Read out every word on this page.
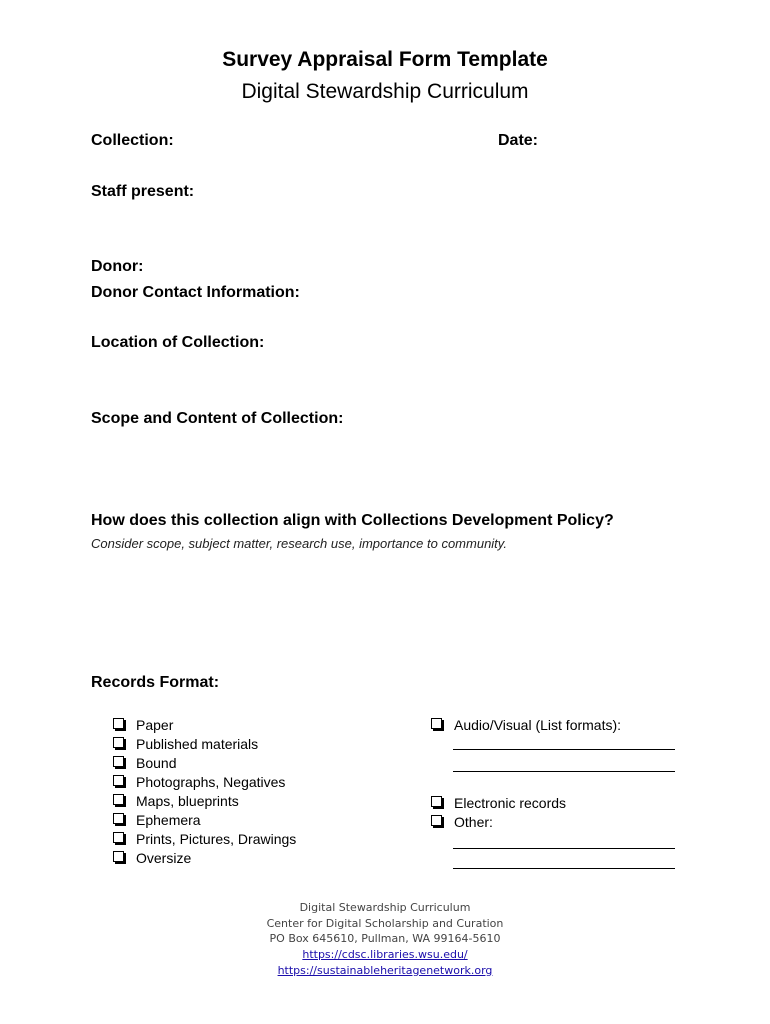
Survey Appraisal Form Template
Digital Stewardship Curriculum
Collection:	Date:
Staff present:
Donor:
Donor Contact Information:
Location of Collection:
Scope and Content of Collection:
How does this collection align with Collections Development Policy?
Consider scope, subject matter, research use, importance to community.
Records Format:
Paper
Published materials
Bound
Photographs, Negatives
Maps, blueprints
Ephemera
Prints, Pictures, Drawings
Oversize
Audio/Visual (List formats):
Electronic records
Other:
Digital Stewardship Curriculum
Center for Digital Scholarship and Curation
PO Box 645610, Pullman, WA 99164-5610
https://cdsc.libraries.wsu.edu/
https://sustainableheritagenetwork.org
